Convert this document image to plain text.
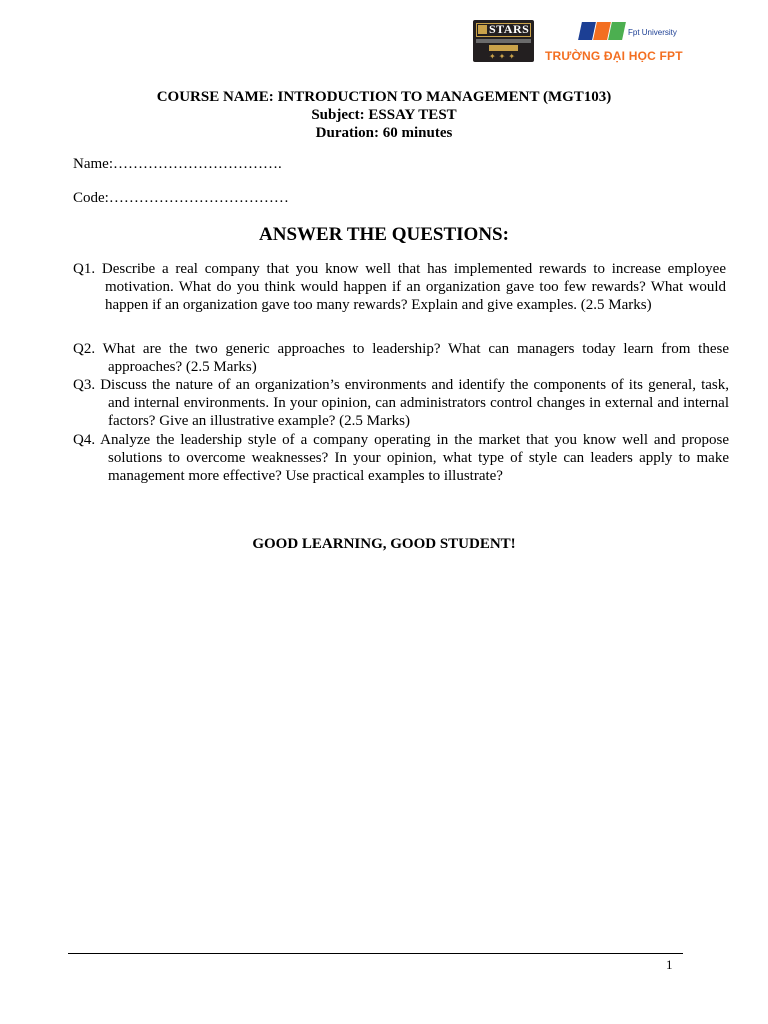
STARS
✦✦✦
Fpt University
TRƯỜNG ĐẠI HỌC FPT
COURSE NAME: INTRODUCTION TO MANAGEMENT (MGT103)
Subject: ESSAY TEST
Duration: 60 minutes
Name:…………………………….
Code:………………………………
ANSWER THE QUESTIONS:

Q1. Describe a real company that you know well that has implemented rewards to increase employee motivation. What do you think would happen if an organization gave too few rewards? What would happen if an organization gave too many rewards? Explain and give examples. (2.5 Marks)

Q2. What are the two generic approaches to leadership? What can managers today learn from these approaches? (2.5 Marks)

Q3. Discuss the nature of an organization’s environments and identify the components of its general, task, and internal environments. In your opinion, can administrators control changes in external and internal factors? Give an illustrative example? (2.5 Marks)

Q4. Analyze the leadership style of a company operating in the market that you know well and propose solutions to overcome weaknesses? In your opinion, what type of style can leaders apply to make management more effective? Use practical examples to illustrate?

GOOD LEARNING, GOOD STUDENT!
1
